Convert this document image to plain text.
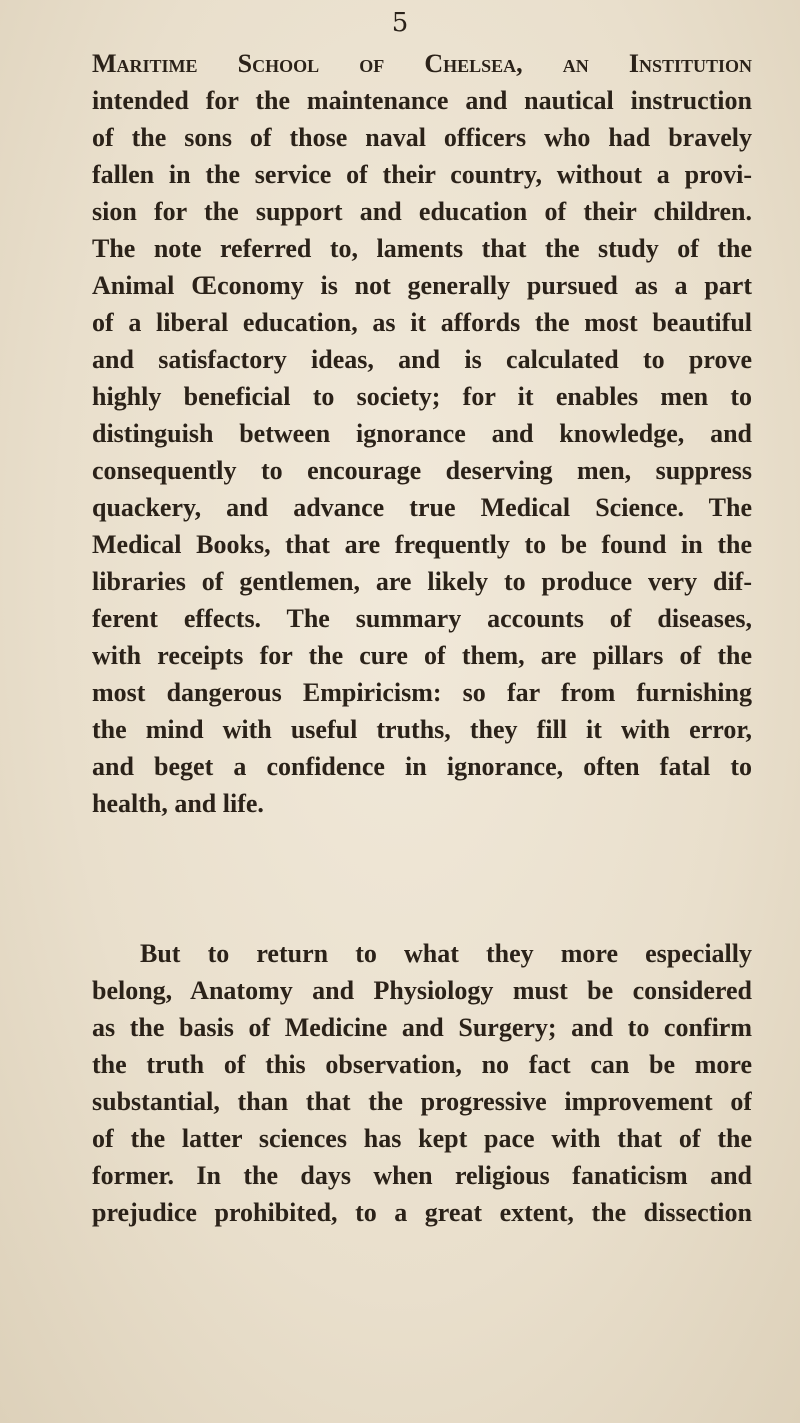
5
Maritime School of Chelsea, an Institution
intended for the maintenance and nautical instruction
of the sons of those naval officers who had bravely
fallen in the service of their country, without a provi-
sion for the support and education of their children.
The note referred to, laments that the study of the
Animal Œconomy is not generally pursued as a part
of a liberal education, as it affords the most beautiful
and satisfactory ideas, and is calculated to prove
highly beneficial to society; for it enables men to
distinguish between ignorance and knowledge, and
consequently to encourage deserving men, suppress
quackery, and advance true Medical Science. The
Medical Books, that are frequently to be found in the
libraries of gentlemen, are likely to produce very dif-
ferent effects. The summary accounts of diseases,
with receipts for the cure of them, are pillars of the
most dangerous Empiricism: so far from furnishing
the mind with useful truths, they fill it with error,
and beget a confidence in ignorance, often fatal to
health, and life.
But to return to what they more especially
belong, Anatomy and Physiology must be considered
as the basis of Medicine and Surgery; and to confirm
the truth of this observation, no fact can be more
substantial, than that the progressive improvement of
of the latter sciences has kept pace with that of the
former. In the days when religious fanaticism and
prejudice prohibited, to a great extent, the dissection
